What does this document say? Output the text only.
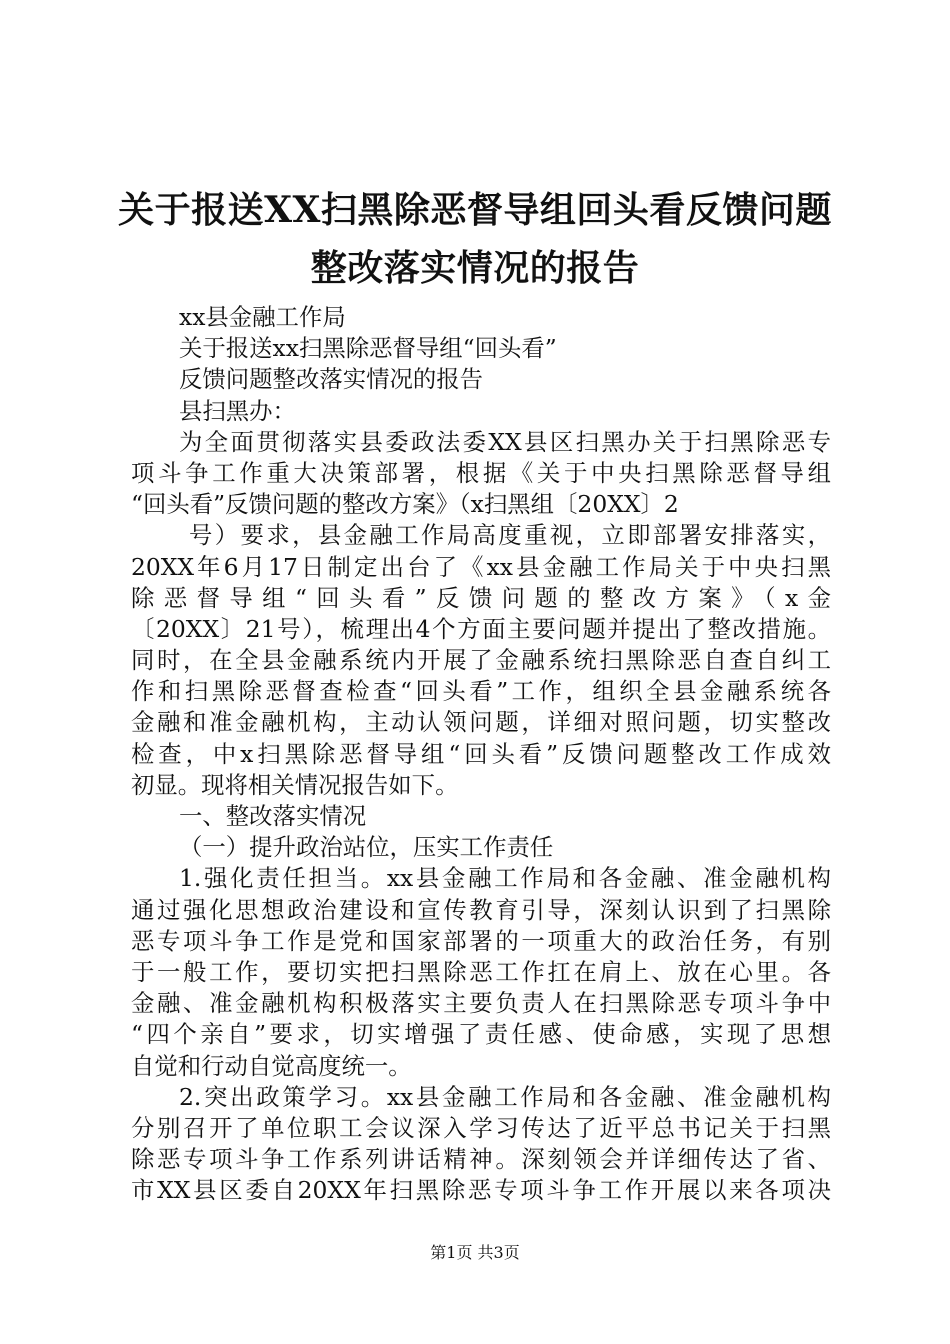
关于报送XX扫黑除恶督导组回头看反馈问题
整改落实情况的报告
xx县金融工作局
关于报送xx扫黑除恶督导组“回头看”
反馈问题整改落实情况的报告
县扫黑办：
为全面贯彻落实县委政法委XX县区扫黑办关于扫黑除恶专
项斗争工作重大决策部署，根据《关于中央扫黑除恶督导组
“回头看”反馈问题的整改方案》（x扫黑组〔20XX〕2
号）要求，县金融工作局高度重视，立即部署安排落实，
20XX年6月17日制定出台了《xx县金融工作局关于中央扫黑
除恶督导组“回头看”反馈问题的整改方案》（x金
〔20XX〕21号），梳理出4个方面主要问题并提出了整改措施。
同时，在全县金融系统内开展了金融系统扫黑除恶自查自纠工
作和扫黑除恶督查检查“回头看”工作，组织全县金融系统各
金融和准金融机构，主动认领问题，详细对照问题，切实整改
检查，中x扫黑除恶督导组“回头看”反馈问题整改工作成效
初显。现将相关情况报告如下。
一、整改落实情况
（一）提升政治站位，压实工作责任
1.强化责任担当。xx县金融工作局和各金融、准金融机构
通过强化思想政治建设和宣传教育引导，深刻认识到了扫黑除
恶专项斗争工作是党和国家部署的一项重大的政治任务，有别
于一般工作，要切实把扫黑除恶工作扛在肩上、放在心里。各
金融、准金融机构积极落实主要负责人在扫黑除恶专项斗争中
“四个亲自”要求，切实增强了责任感、使命感，实现了思想
自觉和行动自觉高度统一。
2.突出政策学习。xx县金融工作局和各金融、准金融机构
分别召开了单位职工会议深入学习传达了近平总书记关于扫黑
除恶专项斗争工作系列讲话精神。深刻领会并详细传达了省、
市XX县区委自20XX年扫黑除恶专项斗争工作开展以来各项决
第1页 共3页
